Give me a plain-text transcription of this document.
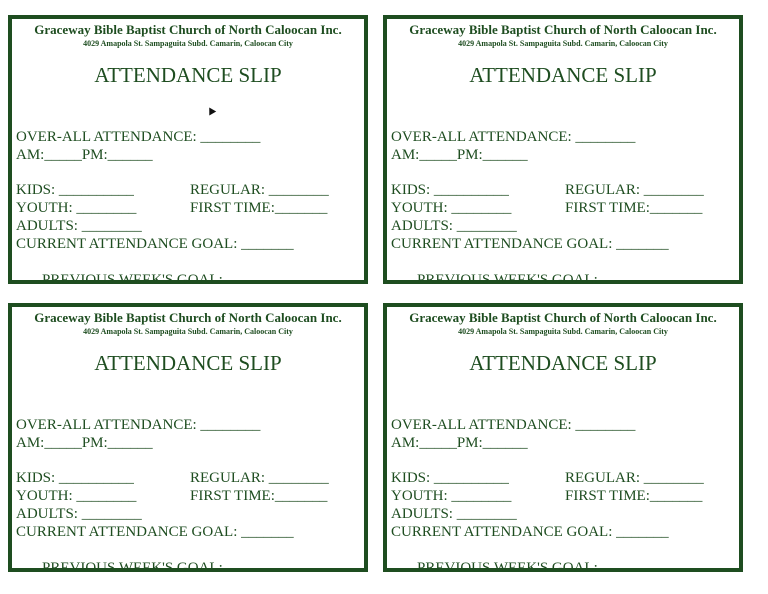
Graceway Bible Baptist Church of North Caloocan Inc.
4029 Amapola St. Sampaguita Subd. Camarin, Caloocan City
ATTENDANCE SLIP
OVER-ALL ATTENDANCE: ________
AM:_____PM:______
KIDS: __________	REGULAR: ________
YOUTH: ________	FIRST TIME:_______
ADULTS: ________
CURRENT ATTENDANCE GOAL: _______
PREVIOUS WEEK'S GOAL:
Graceway Bible Baptist Church of North Caloocan Inc.
4029 Amapola St. Sampaguita Subd. Camarin, Caloocan City
ATTENDANCE SLIP
OVER-ALL ATTENDANCE: ________
AM:_____PM:______
KIDS: __________	REGULAR: ________
YOUTH: ________	FIRST TIME:_______
ADULTS: ________
CURRENT ATTENDANCE GOAL: _______
PREVIOUS WEEK'S GOAL:
Graceway Bible Baptist Church of North Caloocan Inc.
4029 Amapola St. Sampaguita Subd. Camarin, Caloocan City
ATTENDANCE SLIP
OVER-ALL ATTENDANCE: ________
AM:_____PM:______
KIDS: __________	REGULAR: ________
YOUTH: ________	FIRST TIME:_______
ADULTS: ________
CURRENT ATTENDANCE GOAL: _______
PREVIOUS WEEK'S GOAL:
Graceway Bible Baptist Church of North Caloocan Inc.
4029 Amapola St. Sampaguita Subd. Camarin, Caloocan City
ATTENDANCE SLIP
OVER-ALL ATTENDANCE: ________
AM:_____PM:______
KIDS: __________	REGULAR: ________
YOUTH: ________	FIRST TIME:_______
ADULTS: ________
CURRENT ATTENDANCE GOAL: _______
PREVIOUS WEEK'S GOAL:
